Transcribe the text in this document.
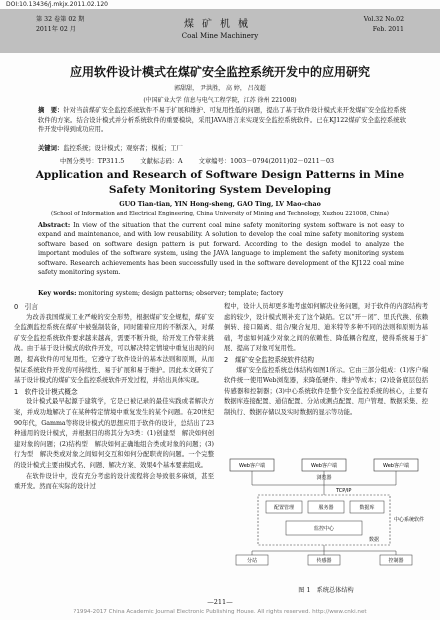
DOI:10.13436/j.mkjx.2011.02.120
第 32 卷第 02 期
2011年 02 月	煤矿机械
Coal Mine Machinery
Vol.32 No.02
Feb. 2011
应用软件设计模式在煤矿安全监控系统开发中的应用研究
郭甜甜， 尹洪胜， 高 婷， 吕茂超
(中国矿业大学 信息与电气工程学院，江苏 徐州 221008)
摘　要：针对当前煤矿安全监控系统软件不易于扩展和维护、可复用性低的问题，提出了基于软件设计模式来开发煤矿安全监控系统软件的方案。结合设计模式并分析系统软件的重要模块，采用JAVA语言来实现安全监控系统软件。已在KJ122煤矿安全监控系统软件开发中得到成功应用。
关键词：监控系统；设计模式；观察者；模板；工厂
中图分类号：TP311.5	文献标志码：A	文章编号：1003－0794(2011)02－0211－03
Application and Research of Software Design Patterns in Mine Safety Monitoring System Developing
GUO Tian-tian, YIN Hong-sheng, GAO Ting, LV Mao-chao
(School of Information and Electrical Engineering, China University of Mining and Technology, Xuzhou 221008, China)
Abstract: In view of the situation that the current coal mine safety monitoring system software is not easy to expand and maintenance, and with low reusability. A solution to develop the coal mine safety monitoring system software based on software design pattern is put forward. According to the design model to analyze the important modules of the software system, using the JAVA language to implement the safety monitoring system software. Research achievements has been successfully used in the software development of the KJ122 coal mine safety monitoring system.
Key words: monitoring system; design patterns; observer; template; factory
0　引言
为改善我国煤炭工业严峻的安全形势，根据煤矿安全规程，煤矿安全监测监控系统在煤矿中被强制装备，同时随着应用的不断深入，对煤矿安全监控系统软件要求越来越高，需要不断升级，给开发工作带来挑战。由于基于设计模式的软件开发，可以解决特定情境中重复出现的问题，提高软件的可复用性，它遵守了软件设计的基本法则和原则，从而保证系统软件开发的可持续性、易于扩展和易于维护。因此本文研究了基于设计模式的煤矿安全监控系统软件开发过程，并给出具体实现。
1　软件设计模式概念
设计模式最早起源于建筑学，它是已被记录的最佳实践或者解决方案，并成功地解决了在某种特定情境中重复发生的某个问题。在20世纪90年代，Gamma等将设计模式的思想应用于软件的设计，总结出了23种通用的设计模式，并根据目的将其分为3类：(1)创建型　解决如何创建对象的问题；(2)结构型　解决如何正确地组合类或对象的问题；(3)行为型　解决类或对象之间如何交互和如何分配职责的问题。一个完整的设计模式主要由模式名、问题、解决方案、效果4个基本要素组成。
在软件设计中，没有充分考虑的设计流程将会导致很多麻烦，甚至重开发。然而在实际的设计过
程中，设计人员却更多地考虑如何解决业务问题，对于软件的内部结构考虑的较少，设计模式则补充了这个缺陷。它以“开－闭”、里氏代换、依赖倒转、接口隔离、组合/聚合复用、迪米特等多种不同的法则和原则为基础，考虑如何减少对象之间的依赖性、降低耦合程度，使得系统易于扩展、提高了对象可复用性。
2　煤矿安全监控系统软件结构
煤矿安全监控系统总体结构如图1所示。它由三部分组成：(1)客户端软件统一使用Web浏览器，来降低硬件、维护等成本；(2)设备底层包括传感器和控制器；(3)中心系统软件是整个安全监控系统的核心，主要有数据库连接配置、通信配置、分站或测点配置、用户管理、数据采集、控制执行、数据存储以及实时数据的显示等功能。
Web客户端	Web客户端	Web客户端
浏览器
TCP/IP
配置管理	服务器	数据库
监控中心
数据
中心系统软件
分站	传感器	控制器
图 1　系统总体结构
—211—
?1994-2017 China Academic Journal Electronic Publishing House. All rights reserved. http://www.cnki.net
